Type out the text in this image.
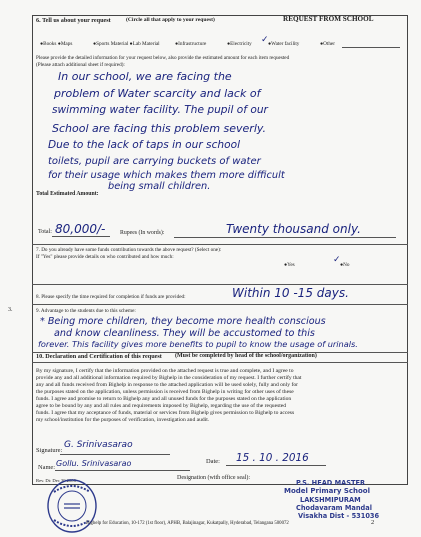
6. Tell us about your request	(Circle all that apply to your request)	REQUEST FROM SCHOOL
●Books ●Maps	●Sports Material ●Lab Material	●Infrastructure	●Electricity	●Water facility
✓	●Other
Please provide the detailed information for your request below, also provide the estimated amount for each item requested
(Please attach additional sheet if required):
In our school, we are facing the
problem of Water scarcity and lack of
swimming water facility. The pupil of our
School are facing this problem severly.
Due to the lack of taps in our school
toilets, pupil are carrying buckets of water
for their usage which makes them more difficult
being small children.
Total Estimated Amount:
Total: 80,000/-	Rupees (In words):	Twenty thousand only.
7. Do you already have some funds contribution towards the above request? (Select one):
●Yes	●No
✓
If "Yes" please provide details on who contributed and how much:
8. Please specify the time required for completion if funds are provided:	Within 10 -15 days.
3.	9. Advantage to the students due to this scheme:
* Being more children, they become more health conscious
and know cleanliness. They will be accustomed to this
forever. This facility gives more benefits to pupil to know the usage of urinals.
10. Declaration and Certification of this request (Must be completed by head of the school/organization)
By my signature, I certify that the information provided on the attached request is true and complete, and I agree to
provide any and all additional information required by Bighelp in the consideration of my request. I further certify that
any and all funds received from Bighelp in response to the attached application will be used solely, fully and only for
the purposes stated on the application, unless permission is received from Bighelp in writing for other uses of these
funds. I agree and promise to return to Bighelp any and all unused funds for the purposes stated on the application
agree to be bound by any and all rules and requirements imposed by Bighelp, regarding the use of the requested
funds. I agree that my acceptance of funds, material or services from Bighelp gives permission to Bighelp to access
my school/institution for the purposes of verification, investigation and audit.
Signature:
G. Srinivasarao
Date: 15 . 10 . 2016
Name: Gollu. Srinivasarao
Designation (with office seal):
Rev. Dt: Dec 30 2006	P.S. HEAD MASTER
Model Primary School
LAKSHMIPURAM
Chodavaram Mandal
Visakha Dist - 531036
Bighelp for Education, 10-172 (1st floor), APHB, Balajinagar, Kukatpally, Hyderabad, Telangana 500072	2
